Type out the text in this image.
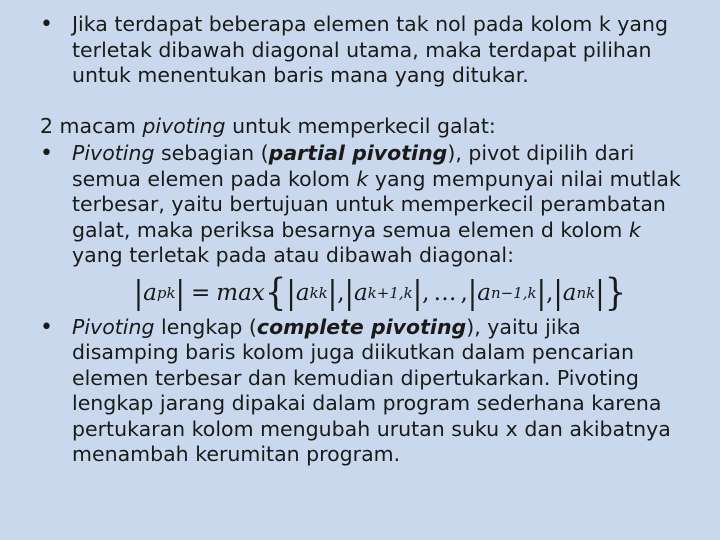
• Jika terdapat beberapa elemen tak nol pada kolom k yang terletak dibawah diagonal utama, maka terdapat pilihan untuk menentukan baris mana yang ditukar.
2 macam pivoting untuk memperkecil galat:
• Pivoting sebagian (partial pivoting), pivot dipilih dari semua elemen pada kolom k yang mempunyai nilai mutlak terbesar, yaitu bertujuan untuk memperkecil perambatan galat, maka periksa besarnya semua elemen d kolom k yang terletak pada atau dibawah diagonal:
| a pk | = max { | a kk | , | a k+1,k | , … , | a n−1,k | , | a nk | }
• Pivoting lengkap (complete pivoting), yaitu jika disamping baris kolom juga diikutkan dalam pencarian elemen terbesar dan kemudian dipertukarkan. Pivoting lengkap jarang dipakai dalam program sederhana karena pertukaran kolom mengubah urutan suku x dan akibatnya menambah kerumitan program.
